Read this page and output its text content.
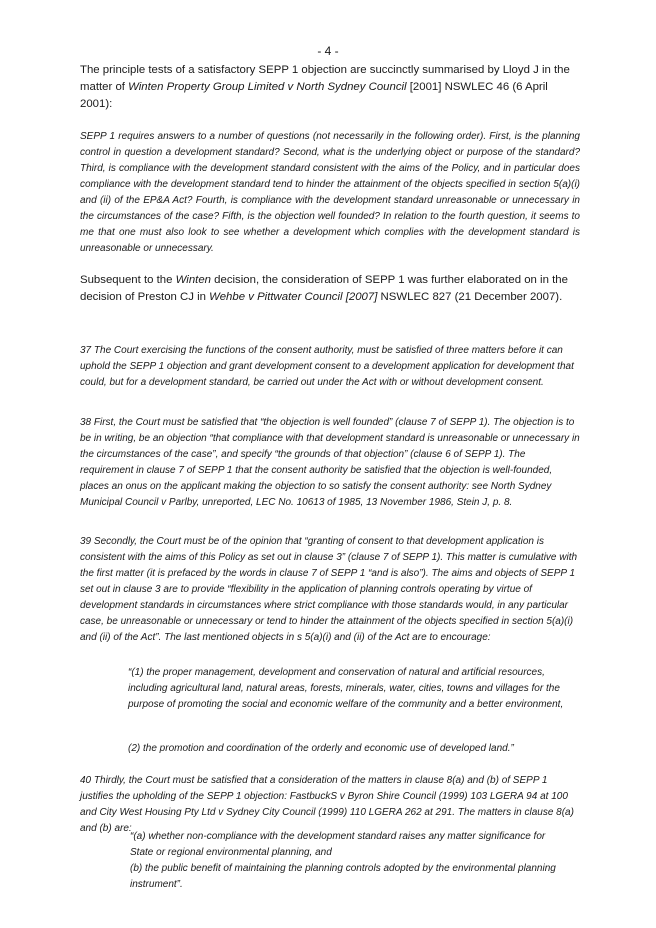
- 4 -

The principle tests of a satisfactory SEPP 1 objection are succinctly summarised by Lloyd J in the matter of Winten Property Group Limited v North Sydney Council [2001] NSWLEC 46 (6 April 2001):

SEPP 1 requires answers to a number of questions (not necessarily in the following order). First, is the planning control in question a development standard? Second, what is the underlying object or purpose of the standard? Third, is compliance with the development standard consistent with the aims of the Policy, and in particular does compliance with the development standard tend to hinder the attainment of the objects specified in section 5(a)(i) and (ii) of the EP&A Act? Fourth, is compliance with the development standard unreasonable or unnecessary in the circumstances of the case? Fifth, is the objection well founded? In relation to the fourth question, it seems to me that one must also look to see whether a development which complies with the development standard is unreasonable or unnecessary.

Subsequent to the Winten decision, the consideration of SEPP 1 was further elaborated on in the decision of Preston CJ in Wehbe v Pittwater Council [2007] NSWLEC 827 (21 December 2007).

37 The Court exercising the functions of the consent authority, must be satisfied of three matters before it can uphold the SEPP 1 objection and grant development consent to a development application for development that could, but for a development standard, be carried out under the Act with or without development consent.

38 First, the Court must be satisfied that “the objection is well founded” (clause 7 of SEPP 1). The objection is to be in writing, be an objection “that compliance with that development standard is unreasonable or unnecessary in the circumstances of the case”, and specify “the grounds of that objection” (clause 6 of SEPP 1). The requirement in clause 7 of SEPP 1 that the consent authority be satisfied that the objection is well-founded, places an onus on the applicant making the objection to so satisfy the consent authority: see North Sydney Municipal Council v Parlby, unreported, LEC No. 10613 of 1985, 13 November 1986, Stein J, p. 8.

39 Secondly, the Court must be of the opinion that “granting of consent to that development application is consistent with the aims of this Policy as set out in clause 3” (clause 7 of SEPP 1). This matter is cumulative with the first matter (it is prefaced by the words in clause 7 of SEPP 1 “and is also”). The aims and objects of SEPP 1 set out in clause 3 are to provide “flexibility in the application of planning controls operating by virtue of development standards in circumstances where strict compliance with those standards would, in any particular case, be unreasonable or unnecessary or tend to hinder the attainment of the objects specified in section 5(a)(i) and (ii) of the Act”. The last mentioned objects in s 5(a)(i) and (ii) of the Act are to encourage:

“(1) the proper management, development and conservation of natural and artificial resources, including agricultural land, natural areas, forests, minerals, water, cities, towns and villages for the purpose of promoting the social and economic welfare of the community and a better environment,

(2) the promotion and coordination of the orderly and economic use of developed land.”

40 Thirdly, the Court must be satisfied that a consideration of the matters in clause 8(a) and (b) of SEPP 1 justifies the upholding of the SEPP 1 objection: FastbuckS v Byron Shire Council (1999) 103 LGERA 94 at 100 and City West Housing Pty Ltd v Sydney City Council (1999) 110 LGERA 262 at 291. The matters in clause 8(a) and (b) are:

“(a) whether non-compliance with the development standard raises any matter significance for State or regional environmental planning, and

(b) the public benefit of maintaining the planning controls adopted by the environmental planning instrument”.
